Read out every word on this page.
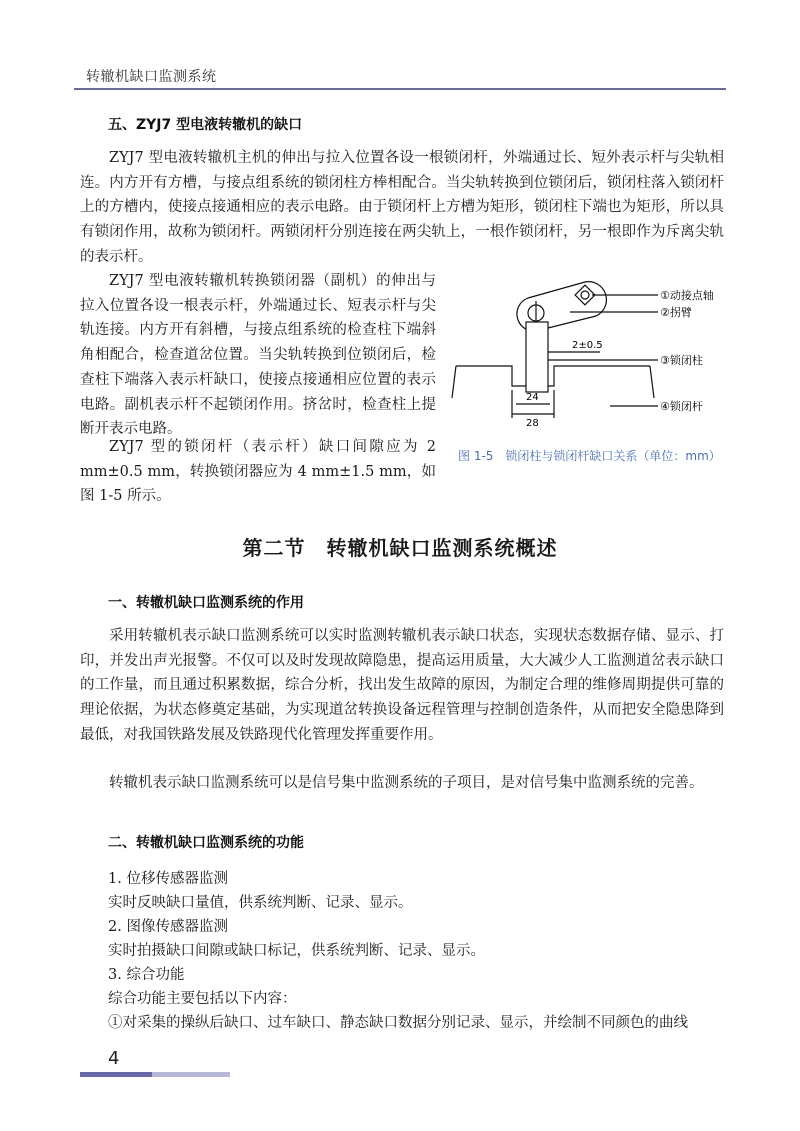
转辙机缺口监测系统
五、ZYJ7 型电液转辙机的缺口

ZYJ7 型电液转辙机主机的伸出与拉入位置各设一根锁闭杆，外端通过长、短外表示杆与尖轨相连。内方开有方槽，与接点组系统的锁闭柱方棒相配合。当尖轨转换到位锁闭后，锁闭柱落入锁闭杆上的方槽内，使接点接通相应的表示电路。由于锁闭杆上方槽为矩形，锁闭柱下端也为矩形，所以具有锁闭作用，故称为锁闭杆。两锁闭杆分别连接在两尖轨上，一根作锁闭杆，另一根即作为斥离尖轨的表示杆。

ZYJ7 型电液转辙机转换锁闭器（副机）的伸出与拉入位置各设一根表示杆，外端通过长、短表示杆与尖轨连接。内方开有斜槽，与接点组系统的检查柱下端斜角相配合，检查道岔位置。当尖轨转换到位锁闭后，检查柱下端落入表示杆缺口，使接点接通相应位置的表示电路。副机表示杆不起锁闭作用。挤岔时，检查柱上提断开表示电路。

ZYJ7 型的锁闭杆（表示杆）缺口间隙应为 2 mm±0.5 mm，转换锁闭器应为 4 mm±1.5 mm，如图 1-5 所示。

2±0.5
24
28
①动接点轴
②拐臂
③锁闭柱
④锁闭杆
图 1-5　锁闭柱与锁闭杆缺口关系（单位：mm）
第二节　转辙机缺口监测系统概述
一、转辙机缺口监测系统的作用

采用转辙机表示缺口监测系统可以实时监测转辙机表示缺口状态，实现状态数据存储、显示、打印，并发出声光报警。不仅可以及时发现故障隐患，提高运用质量，大大减少人工监测道岔表示缺口的工作量，而且通过积累数据，综合分析，找出发生故障的原因，为制定合理的维修周期提供可靠的理论依据，为状态修奠定基础，为实现道岔转换设备远程管理与控制创造条件，从而把安全隐患降到最低，对我国铁路发展及铁路现代化管理发挥重要作用。

转辙机表示缺口监测系统可以是信号集中监测系统的子项目，是对信号集中监测系统的完善。

二、转辙机缺口监测系统的功能
1. 位移传感器监测
实时反映缺口量值，供系统判断、记录、显示。
2. 图像传感器监测
实时拍摄缺口间隙或缺口标记，供系统判断、记录、显示。
3. 综合功能
综合功能主要包括以下内容：
①对采集的操纵后缺口、过车缺口、静态缺口数据分别记录、显示，并绘制不同颜色的曲线
4
